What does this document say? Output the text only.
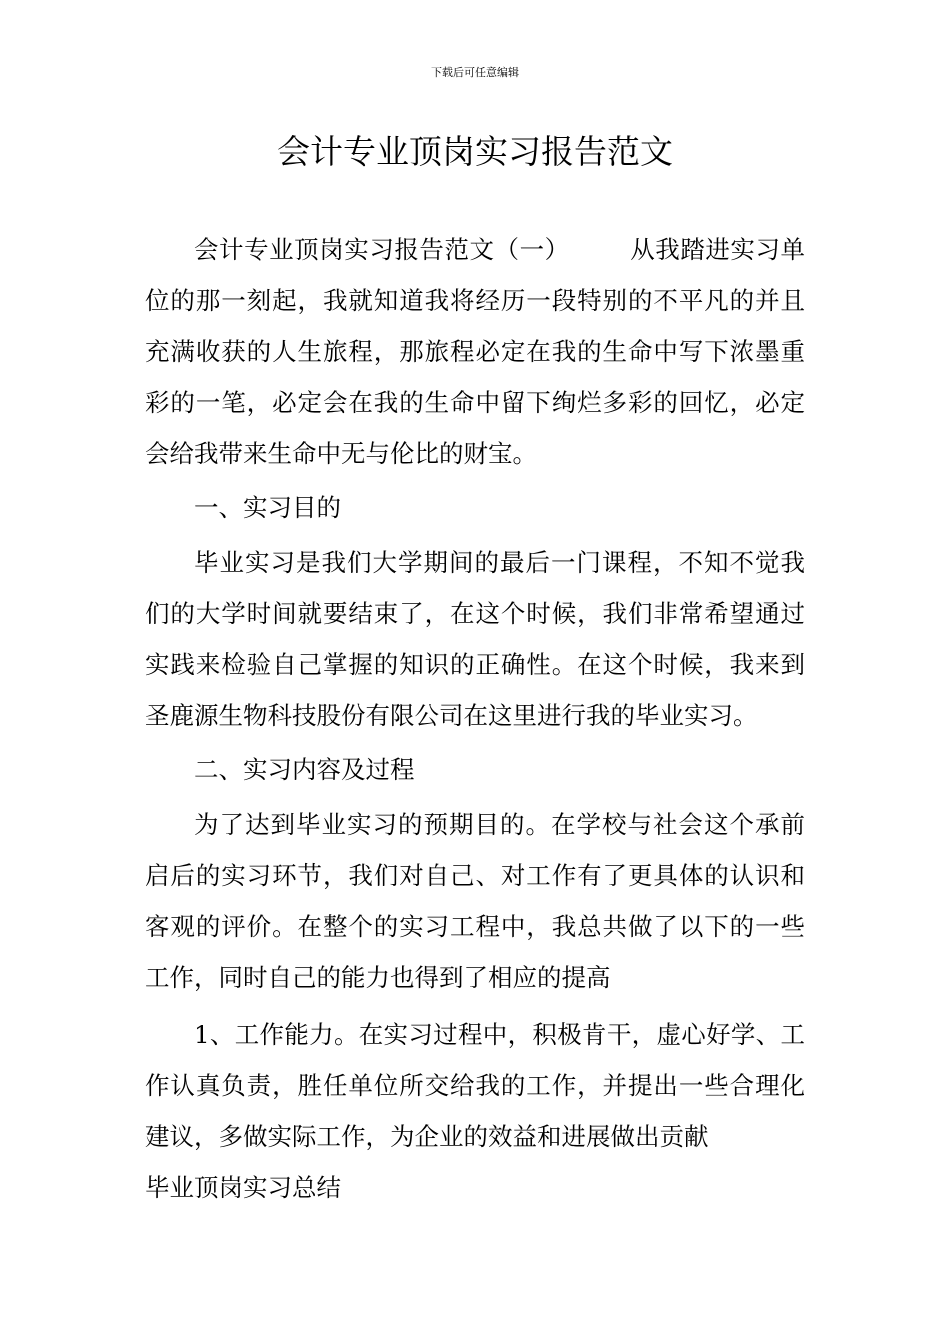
下载后可任意编辑
会计专业顶岗实习报告范文

会计专业顶岗实习报告范文（一） 从我踏进实习单位的那一刻起，我就知道我将经历一段特别的不平凡的并且充满收获的人生旅程，那旅程必定在我的生命中写下浓墨重彩的一笔，必定会在我的生命中留下绚烂多彩的回忆，必定会给我带来生命中无与伦比的财宝。

一、实习目的

毕业实习是我们大学期间的最后一门课程，不知不觉我们的大学时间就要结束了，在这个时候，我们非常希望通过实践来检验自己掌握的知识的正确性。在这个时候，我来到圣鹿源生物科技股份有限公司在这里进行我的毕业实习。

二、实习内容及过程

为了达到毕业实习的预期目的。在学校与社会这个承前启后的实习环节，我们对自己、对工作有了更具体的认识和客观的评价。在整个的实习工程中，我总共做了以下的一些工作，同时自己的能力也得到了相应的提高

1、工作能力。在实习过程中，积极肯干，虚心好学、工作认真负责，胜任单位所交给我的工作，并提出一些合理化建议，多做实际工作，为企业的效益和进展做出贡献

毕业顶岗实习总结
